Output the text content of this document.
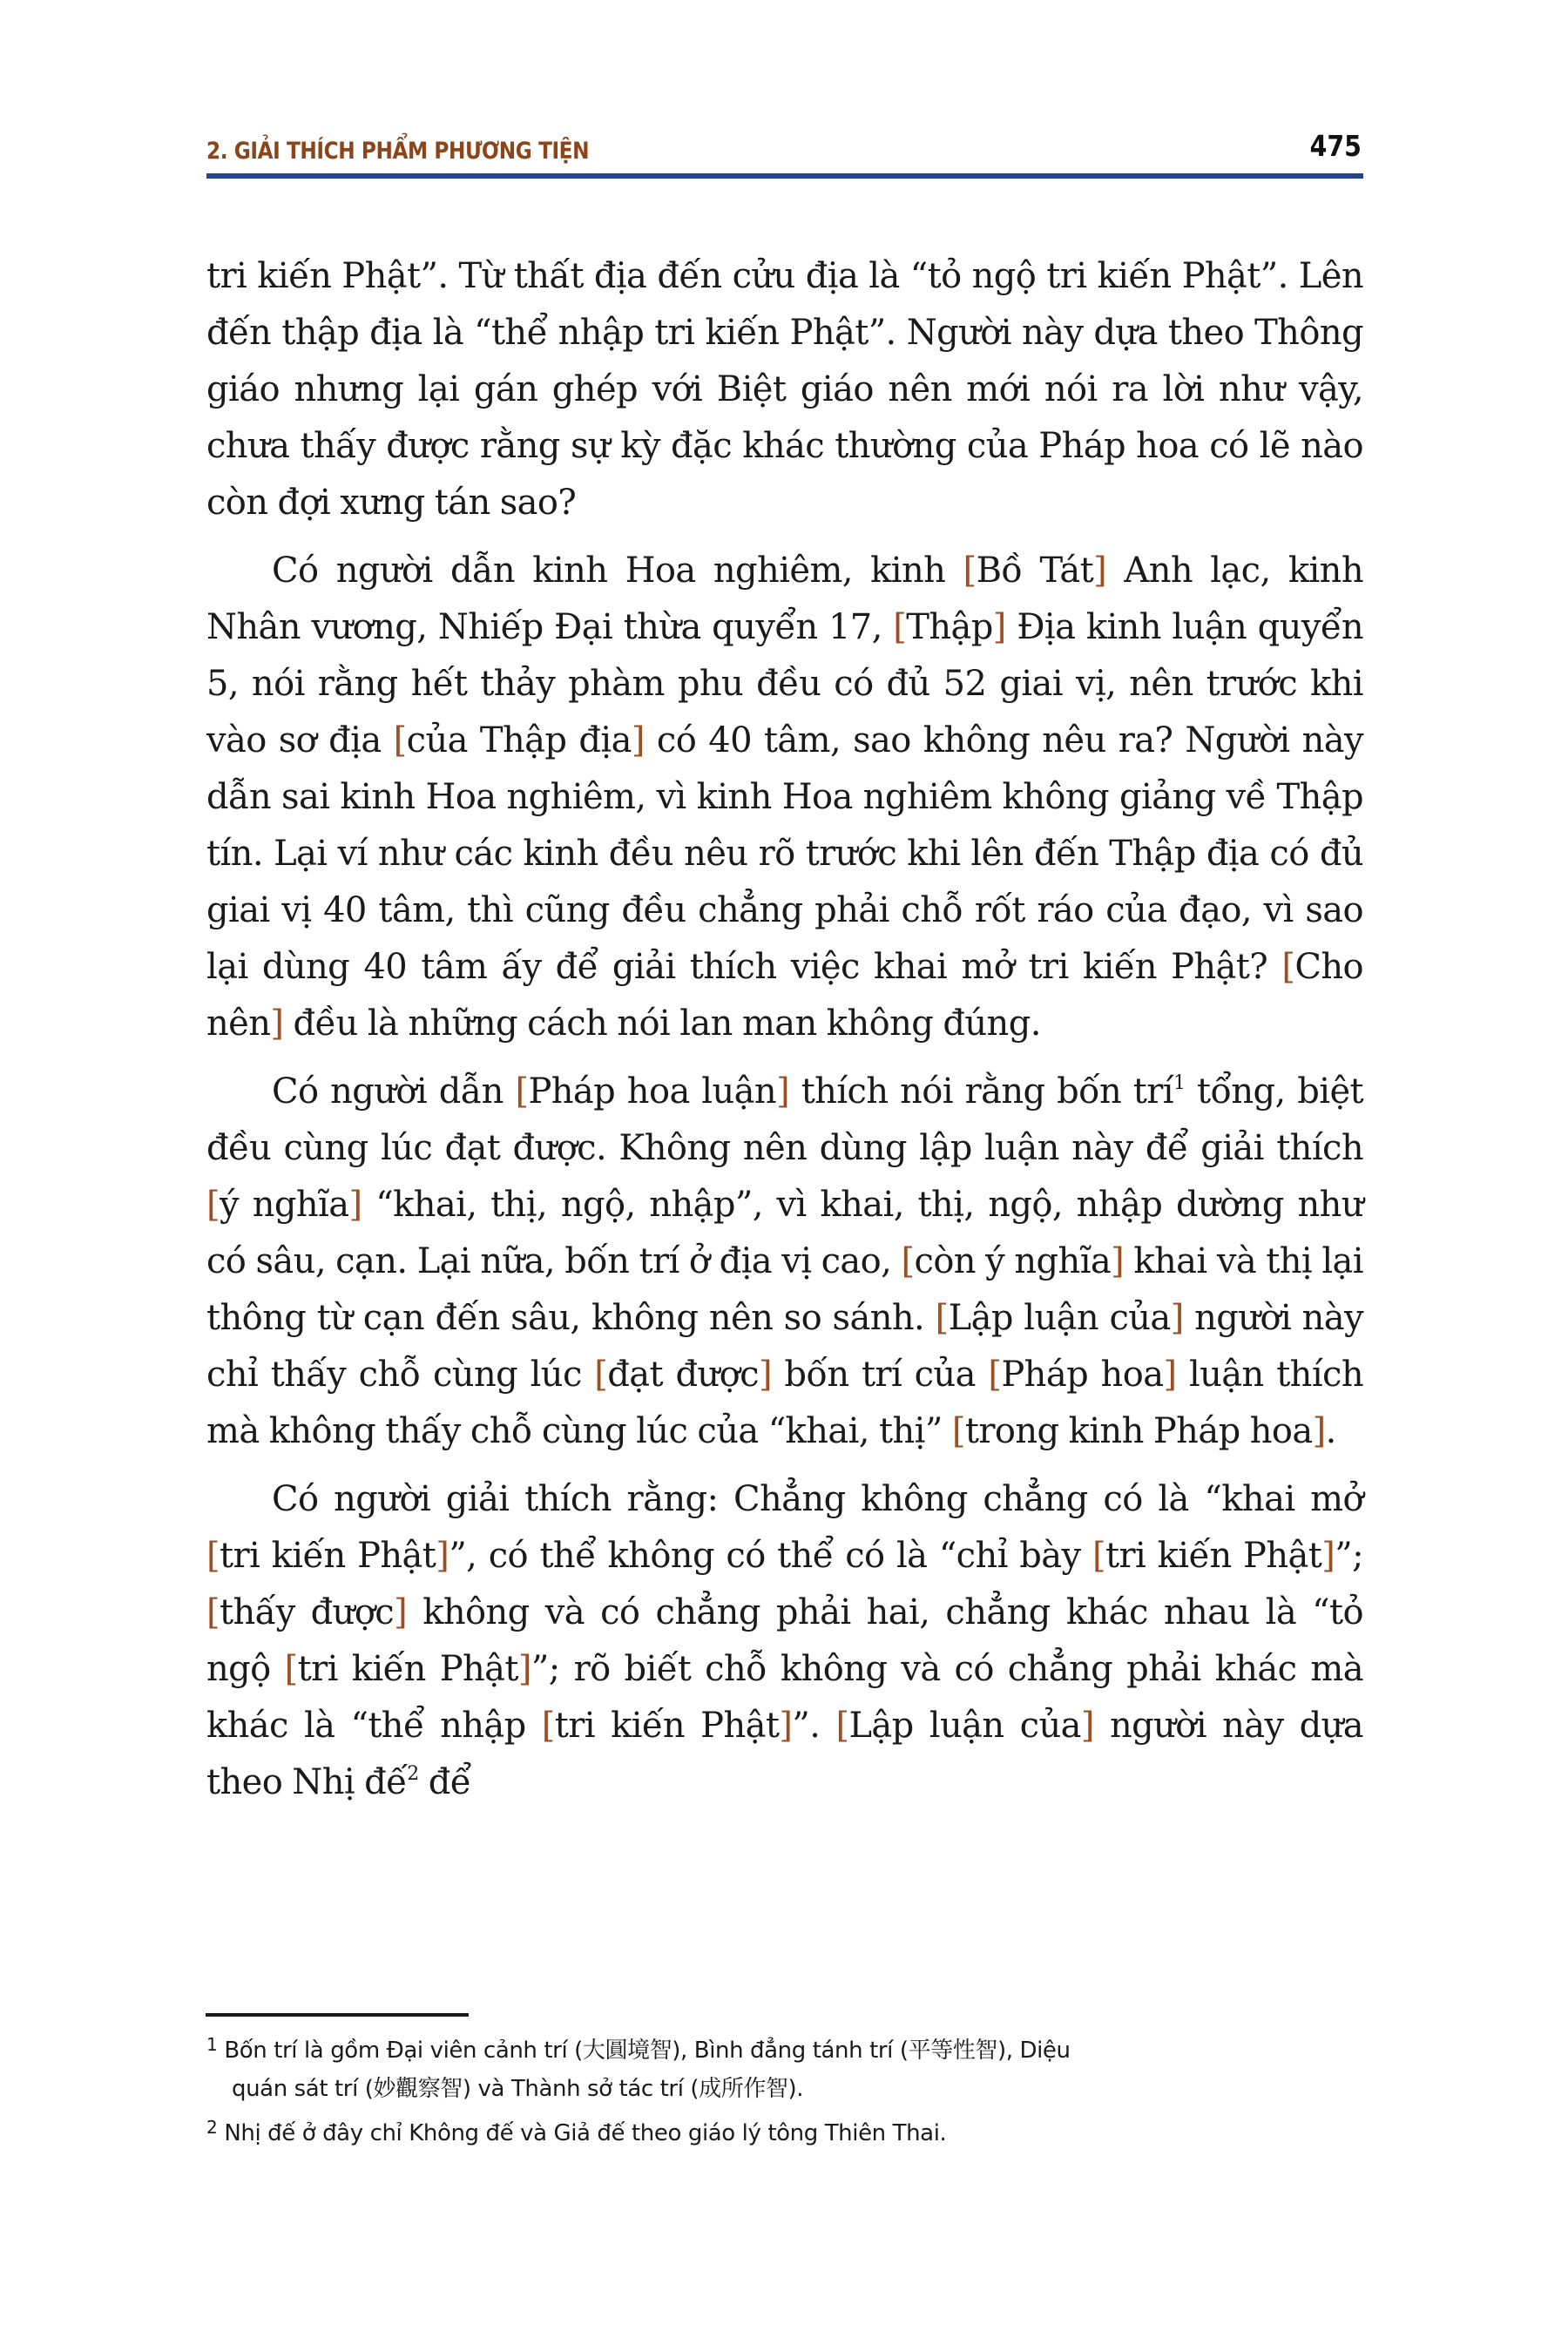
2. GIẢI THÍCH PHẨM PHƯƠNG TIỆN	475

tri kiến Phật”. Từ thất địa đến cửu địa là “tỏ ngộ tri kiến Phật”. Lên đến thập địa là “thể nhập tri kiến Phật”. Người này dựa theo Thông giáo nhưng lại gán ghép với Biệt giáo nên mới nói ra lời như vậy, chưa thấy được rằng sự kỳ đặc khác thường của Pháp hoa có lẽ nào còn đợi xưng tán sao?

Có người dẫn kinh Hoa nghiêm, kinh [Bồ Tát] Anh lạc, kinh Nhân vương, Nhiếp Đại thừa quyển 17, [Thập] Địa kinh luận quyển 5, nói rằng hết thảy phàm phu đều có đủ 52 giai vị, nên trước khi vào sơ địa [của Thập địa] có 40 tâm, sao không nêu ra? Người này dẫn sai kinh Hoa nghiêm, vì kinh Hoa nghiêm không giảng về Thập tín. Lại ví như các kinh đều nêu rõ trước khi lên đến Thập địa có đủ giai vị 40 tâm, thì cũng đều chẳng phải chỗ rốt ráo của đạo, vì sao lại dùng 40 tâm ấy để giải thích việc khai mở tri kiến Phật? [Cho nên] đều là những cách nói lan man không đúng.

Có người dẫn [Pháp hoa luận] thích nói rằng bốn trí$^1$ tổng, biệt đều cùng lúc đạt được. Không nên dùng lập luận này để giải thích [ý nghĩa] “khai, thị, ngộ, nhập”, vì khai, thị, ngộ, nhập dường như có sâu, cạn. Lại nữa, bốn trí ở địa vị cao, [còn ý nghĩa] khai và thị lại thông từ cạn đến sâu, không nên so sánh. [Lập luận của] người này chỉ thấy chỗ cùng lúc [đạt được] bốn trí của [Pháp hoa] luận thích mà không thấy chỗ cùng lúc của “khai, thị” [trong kinh Pháp hoa].

Có người giải thích rằng: Chẳng không chẳng có là “khai mở [tri kiến Phật]”, có thể không có thể có là “chỉ bày [tri kiến Phật]”; [thấy được] không và có chẳng phải hai, chẳng khác nhau là “tỏ ngộ [tri kiến Phật]”; rõ biết chỗ không và có chẳng phải khác mà khác là “thể nhập [tri kiến Phật]”. [Lập luận của] người này dựa theo Nhị đế$^2$ để

$^1$ Bốn trí là gồm Đại viên cảnh trí (大圓境智), Bình đẳng tánh trí (平等性智), Diệu
quán sát trí (妙觀察智) và Thành sở tác trí (成所作智).

$^2$ Nhị đế ở đây chỉ Không đế và Giả đế theo giáo lý tông Thiên Thai.
